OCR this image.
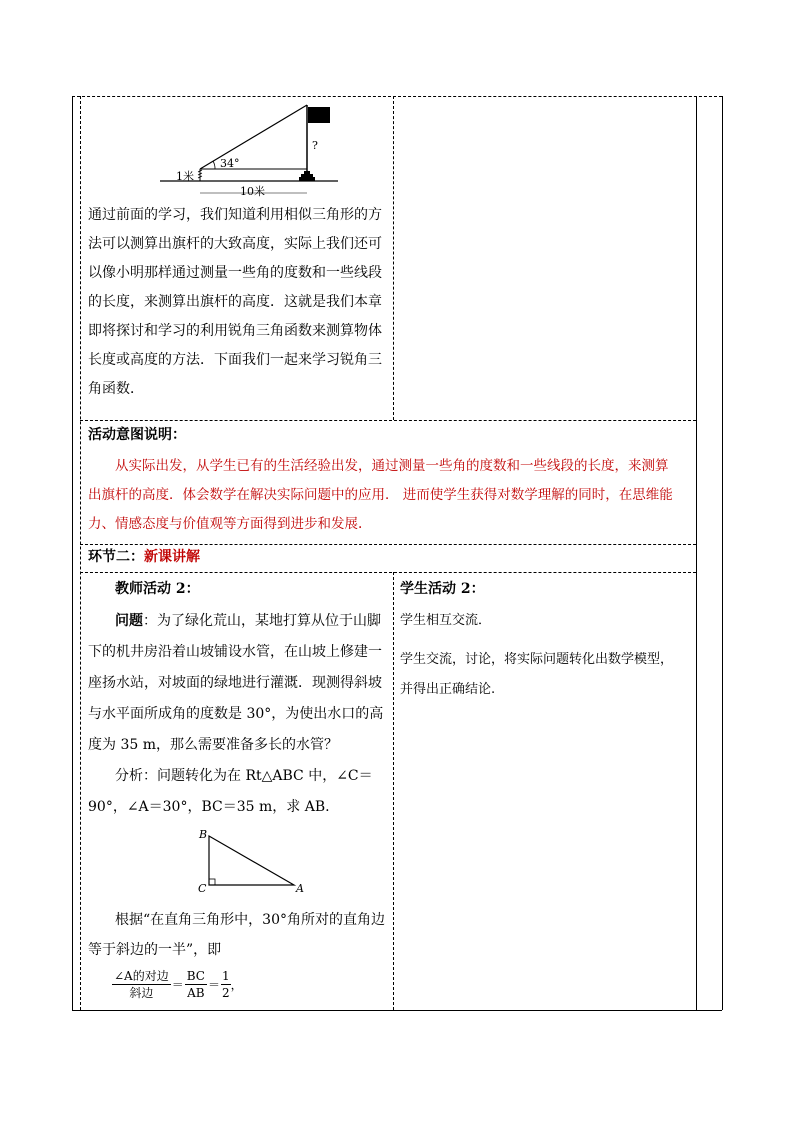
34°
?
1米
10米
通过前面的学习，我们知道利用相似三角形的方
法可以测算出旗杆的大致高度，实际上我们还可
以像小明那样通过测量一些角的度数和一些线段
的长度，来测算出旗杆的高度．这就是我们本章
即将探讨和学习的利用锐角三角函数来测算物体
长度或高度的方法．下面我们一起来学习锐角三
角函数．
活动意图说明：
从实际出发，从学生已有的生活经验出发，通过测量一些角的度数和一些线段的长度，来测算
出旗杆的高度．体会数学在解决实际问题中的应用． 进而使学生获得对数学理解的同时，在思维能
力、情感态度与价值观等方面得到进步和发展.
环节二：新课讲解
教师活动 2：
问题：为了绿化荒山，某地打算从位于山脚
下的机井房沿着山坡铺设水管，在山坡上修建一
座扬水站，对坡面的绿地进行灌溉．现测得斜坡
与水平面所成角的度数是 30°，为使出水口的高
度为 35 m，那么需要准备多长的水管？
分析：问题转化为在 Rt△ABC 中，∠C＝
90°，∠A＝30°，BC＝35 m，求 AB.
B
C	A
根据“在直角三角形中，30°角所对的直角边
等于斜边的一半”，即
∠A的对边
斜边
＝ $\frac{BC}{AB} = \frac{1}{2}$ ，
学生活动 2：
学生相互交流．
学生交流，讨论，将实际问题转化出数学模型，
并得出正确结论.
